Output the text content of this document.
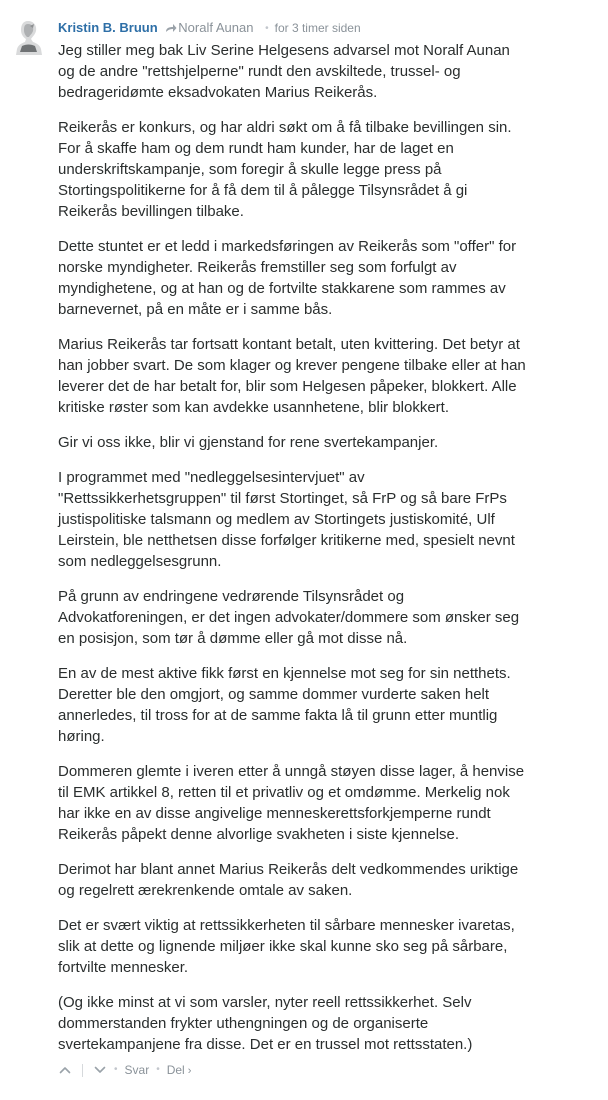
Kristin B. Bruun Noralf Aunan • for 3 timer siden

Jeg stiller meg bak Liv Serine Helgesens advarsel mot Noralf Aunan og de andre "rettshjelperne" rundt den avskiltede, trussel- og bedrageridømte eksadvokaten Marius Reikerås.

Reikerås er konkurs, og har aldri søkt om å få tilbake bevillingen sin. For å skaffe ham og dem rundt ham kunder, har de laget en underskriftskampanje, som foregir å skulle legge press på Stortingspolitikerne for å få dem til å pålegge Tilsynsrådet å gi Reikerås bevillingen tilbake.

Dette stuntet er et ledd i markedsføringen av Reikerås som "offer" for norske myndigheter. Reikerås fremstiller seg som forfulgt av myndighetene, og at han og de fortvilte stakkarene som rammes av barnevernet, på en måte er i samme bås.

Marius Reikerås tar fortsatt kontant betalt, uten kvittering. Det betyr at han jobber svart. De som klager og krever pengene tilbake eller at han leverer det de har betalt for, blir som Helgesen påpeker, blokkert. Alle kritiske røster som kan avdekke usannhetene, blir blokkert.

Gir vi oss ikke, blir vi gjenstand for rene svertekampanjer.

I programmet med "nedleggelsesintervjuet" av "Rettssikkerhetsgruppen" til først Stortinget, så FrP og så bare FrPs justispolitiske talsmann og medlem av Stortingets justiskomité, Ulf Leirstein, ble netthetsen disse forfølger kritikerne med, spesielt nevnt som nedleggelsesgrunn.

På grunn av endringene vedrørende Tilsynsrådet og Advokatforeningen, er det ingen advokater/dommere som ønsker seg en posisjon, som tør å dømme eller gå mot disse nå.

En av de mest aktive fikk først en kjennelse mot seg for sin netthets. Deretter ble den omgjort, og samme dommer vurderte saken helt annerledes, til tross for at de samme fakta lå til grunn etter muntlig høring.

Dommeren glemte i iveren etter å unngå støyen disse lager, å henvise til EMK artikkel 8, retten til et privatliv og et omdømme. Merkelig nok har ikke en av disse angivelige menneskerettsforkjemperne rundt Reikerås påpekt denne alvorlige svakheten i siste kjennelse.

Derimot har blant annet Marius Reikerås delt vedkommendes uriktige og regelrett ærekrenkende omtale av saken.

Det er svært viktig at rettssikkerheten til sårbare mennesker ivaretas, slik at dette og lignende miljøer ikke skal kunne sko seg på sårbare, fortvilte mennesker.

(Og ikke minst at vi som varsler, nyter reell rettssikkerhet. Selv dommerstanden frykter uthengningen og de organiserte svertekampanjene fra disse. Det er en trussel mot rettsstaten.)

• Svar • Del ›
